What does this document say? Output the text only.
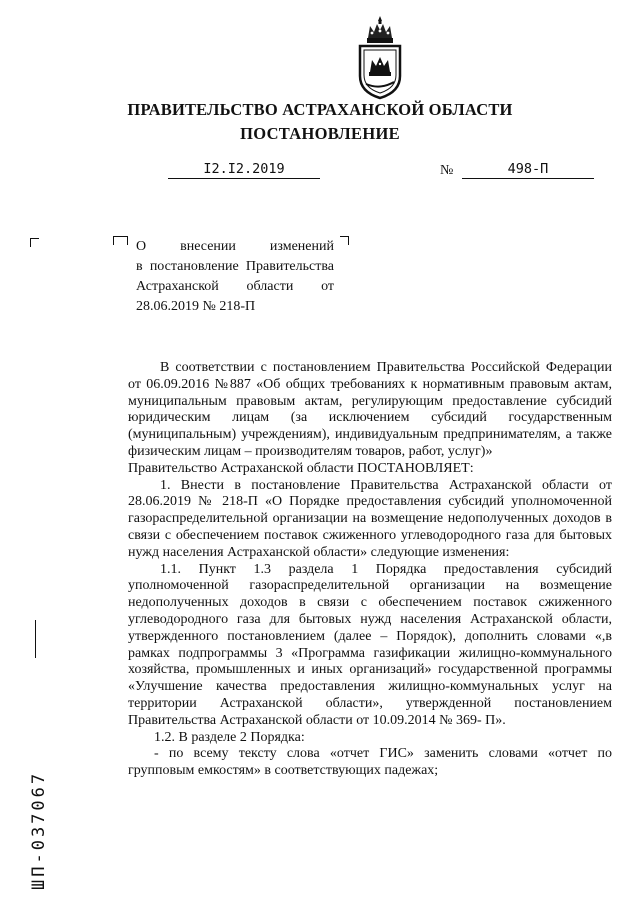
ПРАВИТЕЛЬСТВО АСТРАХАНСКОЙ ОБЛАСТИ
ПОСТАНОВЛЕНИЕ
I2.I2.2019	№	498-П

О внесении изменений

в постановление Правительства Астраханской области от 28.06.2019 № 218-П

В соответствии с постановлением Правительства Российской Федерации от 06.09.2016 №887 «Об общих требованиях к нормативным правовым актам, муниципальным правовым актам, регулирующим предоставление субсидий юридическим лицам (за исключением субсидий государственным (муниципальным) учреждениям), индивидуальным предпринимателям, а также физическим лицам – производителям товаров, работ, услуг)»

Правительство Астраханской области ПОСТАНОВЛЯЕТ:

1. Внести в постановление Правительства Астраханской области от 28.06.2019 № 218-П «О Порядке предоставления субсидий уполномоченной газораспределительной организации на возмещение недополученных доходов в связи с обеспечением поставок сжиженного углеводородного газа для бытовых нужд населения Астраханской области» следующие изменения:

1.1. Пункт 1.3 раздела 1 Порядка предоставления субсидий уполномоченной газораспределительной организации на возмещение недополученных доходов в связи с обеспечением поставок сжиженного углеводородного газа для бытовых нужд населения Астраханской области, утвержденного постановлением (далее – Порядок), дополнить словами «,в рамках подпрограммы 3 «Программа газификации жилищно-коммунального хозяйства, промышленных и иных организаций» государственной программы «Улучшение качества предоставления жилищно-коммунальных услуг на территории Астраханской области», утвержденной постановлением Правительства Астраханской области от 10.09.2014 № 369- П».

1.2. В разделе 2 Порядка:

- по всему тексту слова «отчет ГИС» заменить словами «отчет по групповым емкостям» в соответствующих падежах;

ШП-037067
